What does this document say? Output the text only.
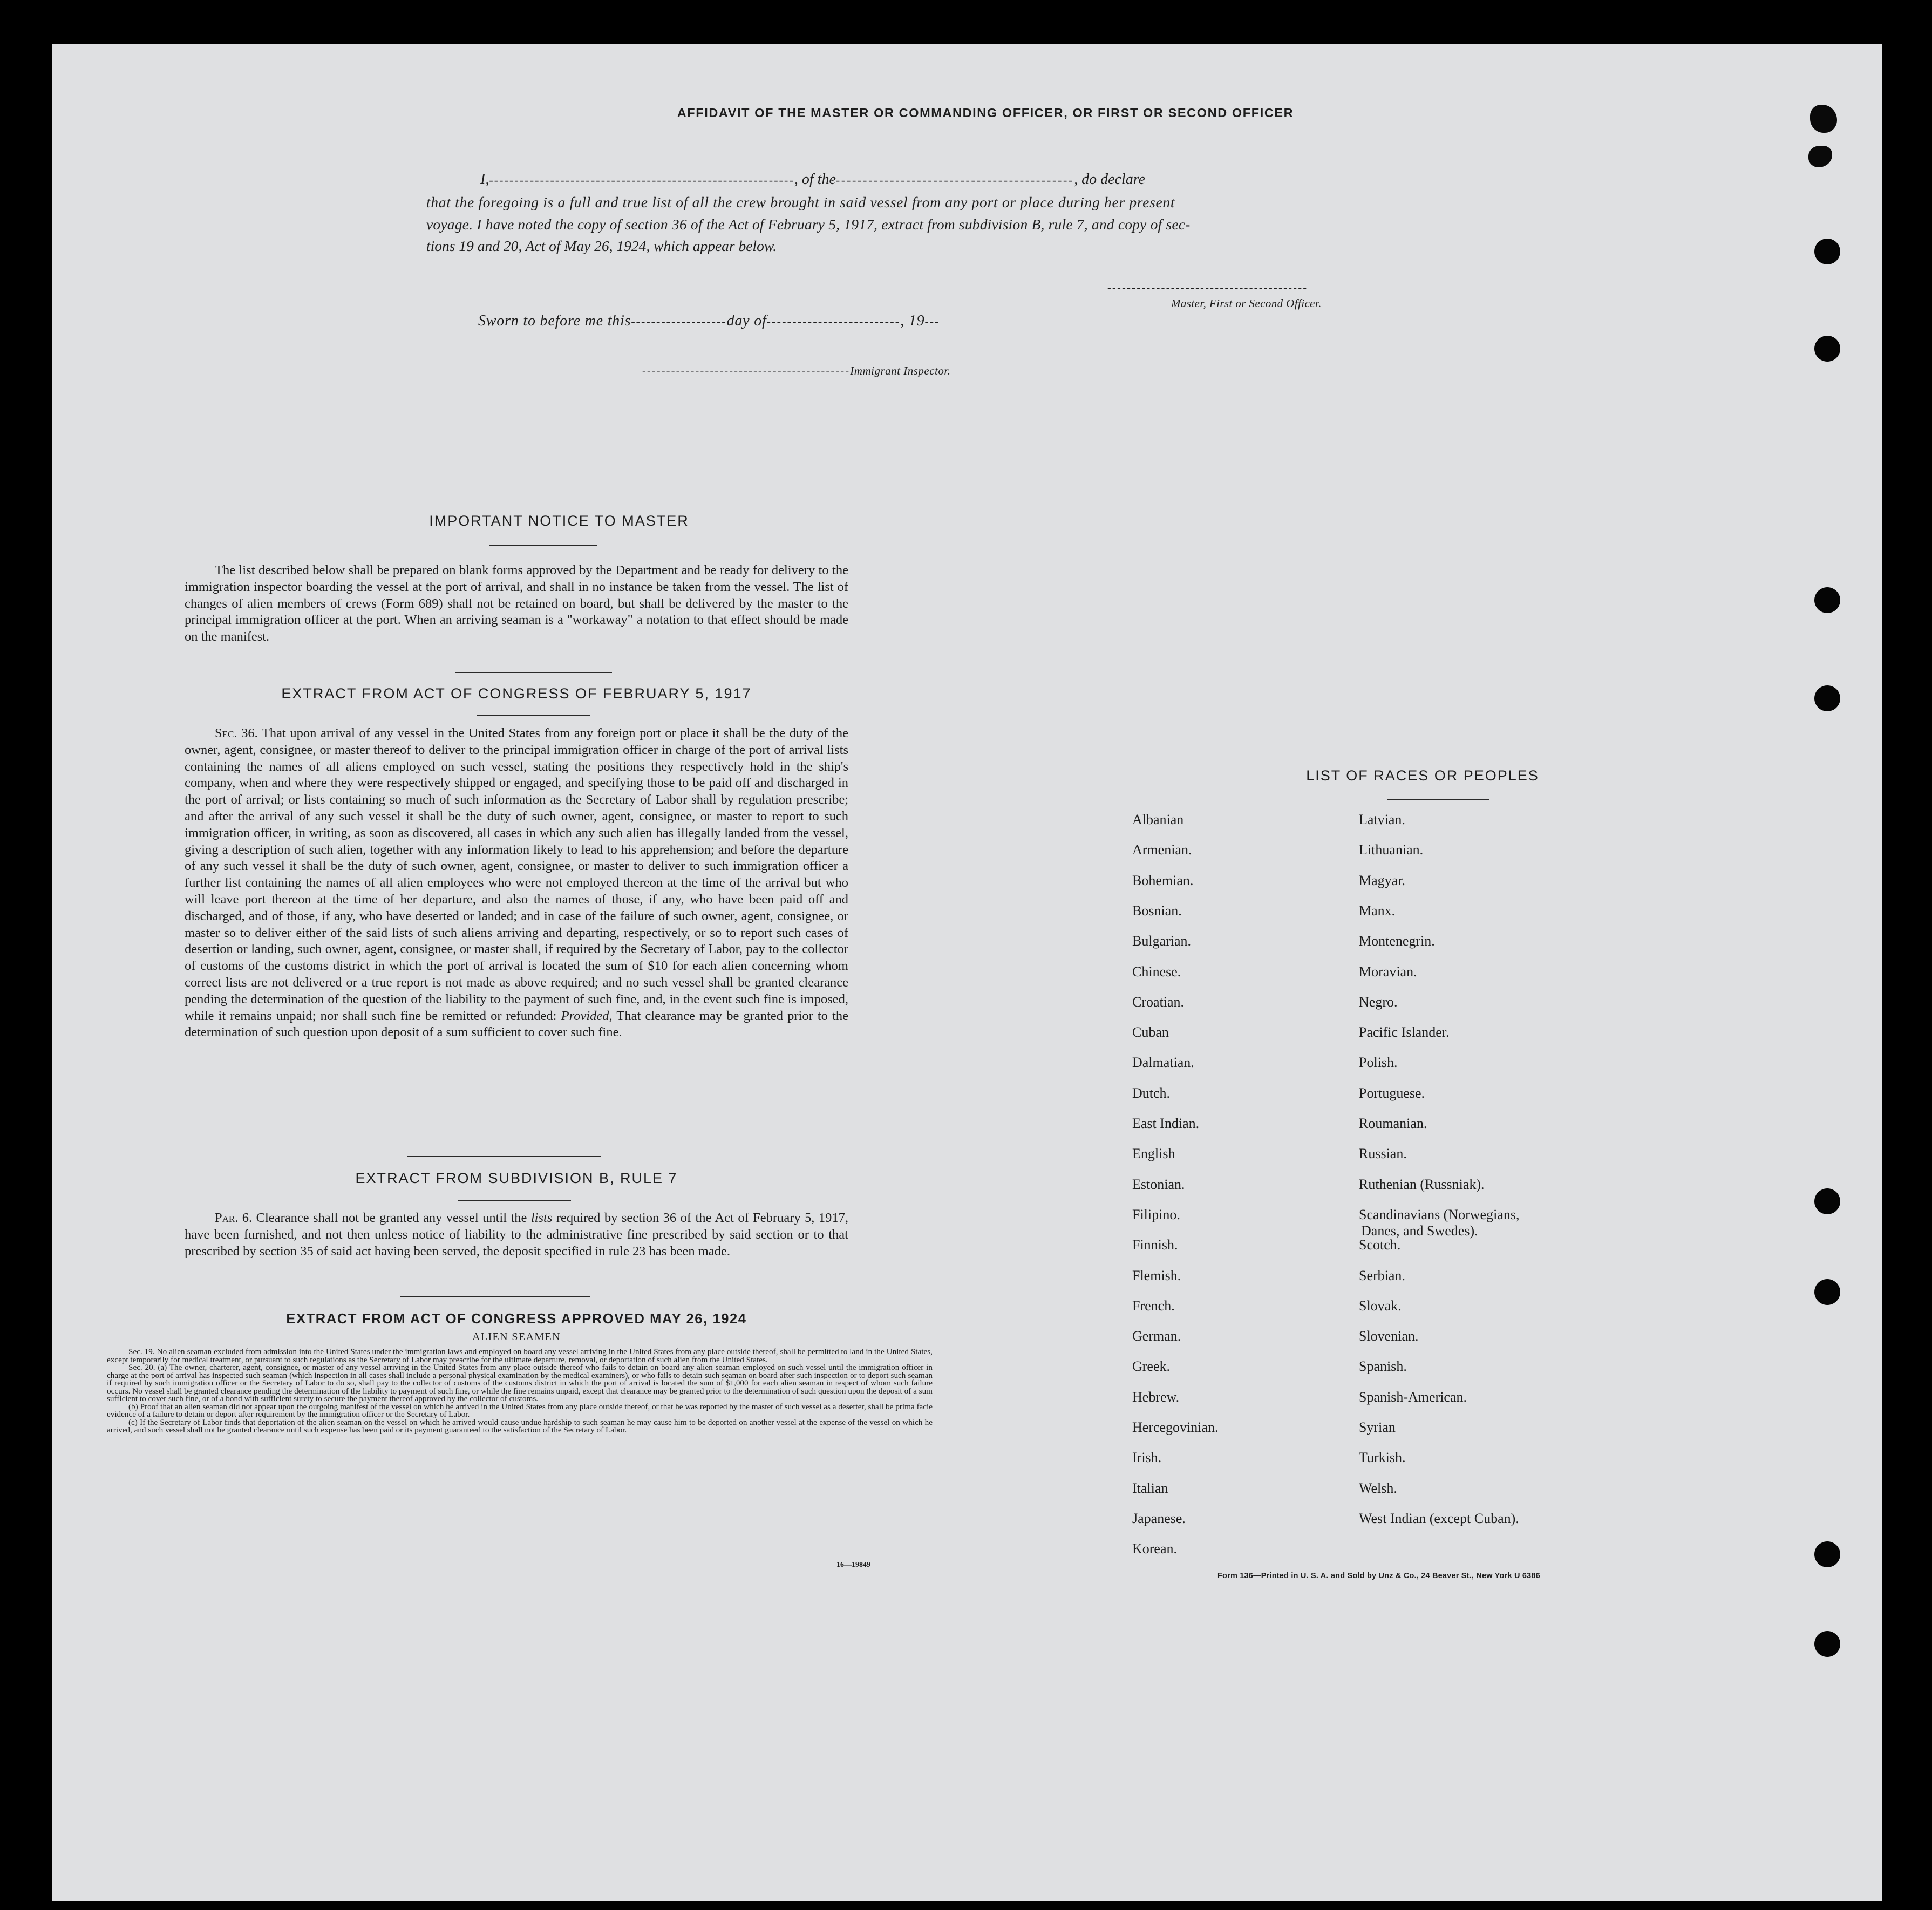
AFFIDAVIT OF THE MASTER OR COMMANDING OFFICER, OR FIRST OR SECOND OFFICER
I,------------------------------------------------------------, of the--------------------------------------------, do declare
that the foregoing is a full and true list of all the crew brought in said vessel from any port or place during her present
voyage. I have noted the copy of section 36 of the Act of February 5, 1917, extract from subdivision B, rule 7, and copy of sec-
tions 19 and 20, Act of May 26, 1924, which appear below.
-----------------------------------------
Master, First or Second Officer.
Sworn to before me this-------------------day of--------------------------, 19---
-------------------------------------------Immigrant Inspector.
IMPORTANT NOTICE TO MASTER

The list described below shall be prepared on blank forms approved by the Department and be ready for delivery to the immigration inspector boarding the vessel at the port of arrival, and shall in no instance be taken from the vessel. The list of changes of alien members of crews (Form 689) shall not be retained on board, but shall be delivered by the master to the principal immigration officer at the port. When an arriving seaman is a "workaway" a notation to that effect should be made on the manifest.

EXTRACT FROM ACT OF CONGRESS OF FEBRUARY 5, 1917

Sec. 36. That upon arrival of any vessel in the United States from any foreign port or place it shall be the duty of the owner, agent, consignee, or master thereof to deliver to the principal immigration officer in charge of the port of arrival lists containing the names of all aliens employed on such vessel, stating the positions they respectively hold in the ship's company, when and where they were respectively shipped or engaged, and specifying those to be paid off and discharged in the port of arrival; or lists containing so much of such information as the Secretary of Labor shall by regulation prescribe; and after the arrival of any such vessel it shall be the duty of such owner, agent, consignee, or master to report to such immigration officer, in writing, as soon as discovered, all cases in which any such alien has illegally landed from the vessel, giving a description of such alien, together with any information likely to lead to his apprehension; and before the departure of any such vessel it shall be the duty of such owner, agent, consignee, or master to deliver to such immigration officer a further list containing the names of all alien employees who were not employed thereon at the time of the arrival but who will leave port thereon at the time of her departure, and also the names of those, if any, who have been paid off and discharged, and of those, if any, who have deserted or landed; and in case of the failure of such owner, agent, consignee, or master so to deliver either of the said lists of such aliens arriving and departing, respectively, or so to report such cases of desertion or landing, such owner, agent, consignee, or master shall, if required by the Secretary of Labor, pay to the collector of customs of the customs district in which the port of arrival is located the sum of $10 for each alien concerning whom correct lists are not delivered or a true report is not made as above required; and no such vessel shall be granted clearance pending the determination of the question of the liability to the payment of such fine, and, in the event such fine is imposed, while it remains unpaid; nor shall such fine be remitted or refunded: Provided, That clearance may be granted prior to the determination of such question upon deposit of a sum sufficient to cover such fine.

EXTRACT FROM SUBDIVISION B, RULE 7

Par. 6. Clearance shall not be granted any vessel until the lists required by section 36 of the Act of February 5, 1917, have been furnished, and not then unless notice of liability to the administrative fine prescribed by said section or to that prescribed by section 35 of said act having been served, the deposit specified in rule 23 has been made.

EXTRACT FROM ACT OF CONGRESS APPROVED MAY 26, 1924
ALIEN SEAMEN
Sec. 19. No alien seaman excluded from admission into the United States under the immigration laws and employed on board any vessel arriving in the United States from any place outside thereof, shall be permitted to land in the United States, except temporarily for medical treatment, or pursuant to such regulations as the Secretary of Labor may prescribe for the ultimate departure, removal, or deportation of such alien from the United States.
Sec. 20. (a) The owner, charterer, agent, consignee, or master of any vessel arriving in the United States from any place outside thereof who fails to detain on board any alien seaman employed on such vessel until the immigration officer in charge at the port of arrival has inspected such seaman (which inspection in all cases shall include a personal physical examination by the medical examiners), or who fails to detain such seaman on board after such inspection or to deport such seaman if required by such immigration officer or the Secretary of Labor to do so, shall pay to the collector of customs of the customs district in which the port of arrival is located the sum of $1,000 for each alien seaman in respect of whom such failure occurs. No vessel shall be granted clearance pending the determination of the liability to payment of such fine, or while the fine remains unpaid, except that clearance may be granted prior to the determination of such question upon the deposit of a sum sufficient to cover such fine, or of a bond with sufficient surety to secure the payment thereof approved by the collector of customs.
(b) Proof that an alien seaman did not appear upon the outgoing manifest of the vessel on which he arrived in the United States from any place outside thereof, or that he was reported by the master of such vessel as a deserter, shall be prima facie evidence of a failure to detain or deport after requirement by the immigration officer or the Secretary of Labor.
(c) If the Secretary of Labor finds that deportation of the alien seaman on the vessel on which he arrived would cause undue hardship to such seaman he may cause him to be deported on another vessel at the expense of the vessel on which he arrived, and such vessel shall not be granted clearance until such expense has been paid or its payment guaranteed to the satisfaction of the Secretary of Labor.
16—19849
LIST OF RACES OR PEOPLES
Form 136—Printed in U. S. A. and Sold by Unz & Co., 24 Beaver St., New York U 6386
Albanian
Armenian.
Bohemian.
Bosnian.
Bulgarian.
Chinese.
Croatian.
Cuban
Dalmatian.
Dutch.
East Indian.
English
Estonian.
Filipino.
Finnish.
Flemish.
French.
German.
Greek.
Hebrew.
Hercegovinian.
Irish.
Italian
Japanese.
Korean.
Latvian.
Lithuanian.
Magyar.
Manx.
Montenegrin.
Moravian.
Negro.
Pacific Islander.
Polish.
Portuguese.
Roumanian.
Russian.
Ruthenian (Russniak).
Scandinavians (Norwegians,
Danes, and Swedes).
Scotch.
Serbian.
Slovak.
Slovenian.
Spanish.
Spanish-American.
Syrian
Turkish.
Welsh.
West Indian (except Cuban).
